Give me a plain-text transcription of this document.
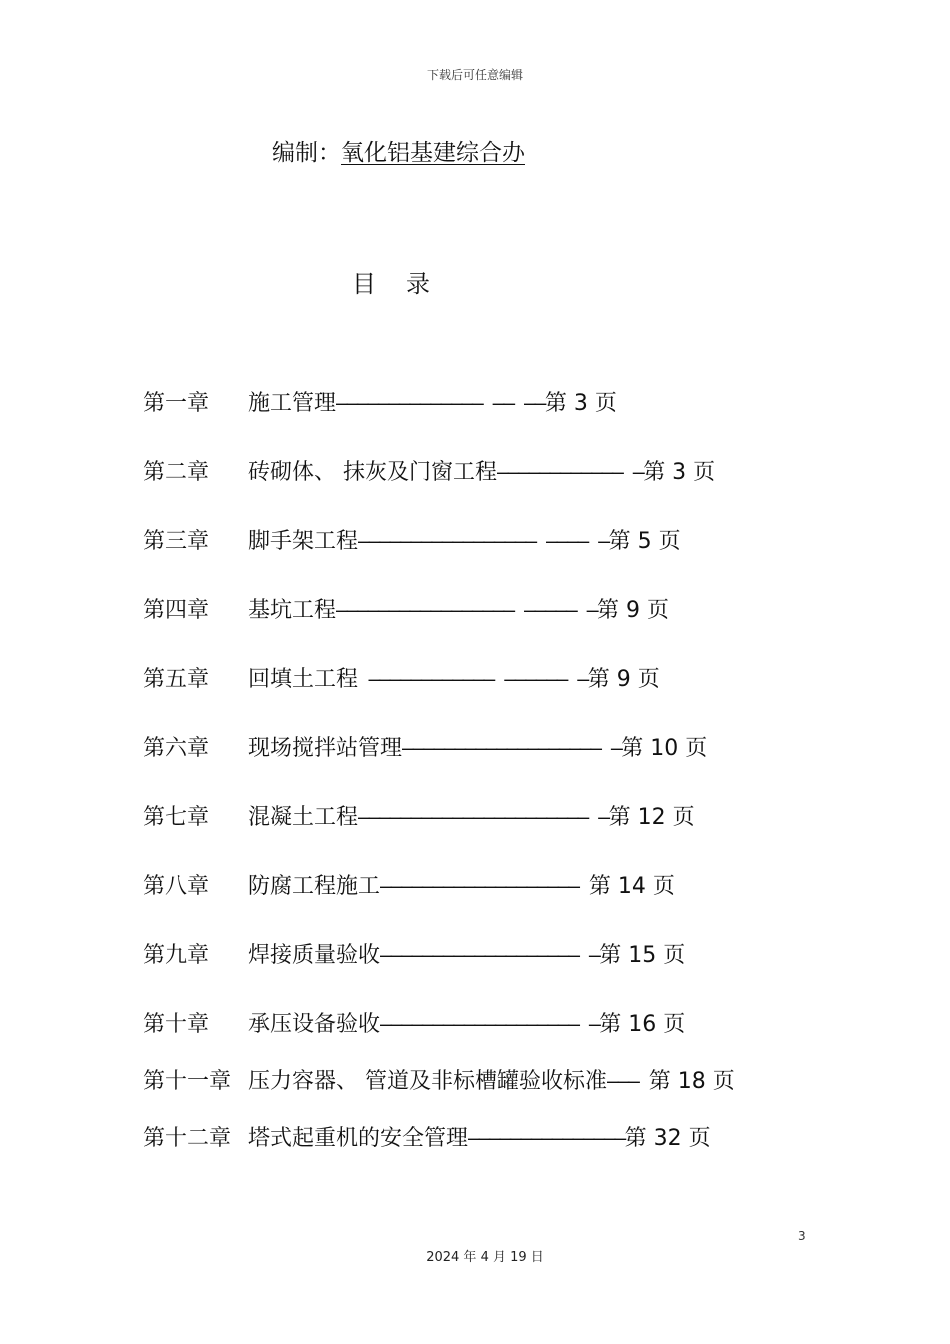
下载后可任意编辑
编制：氧化铝基建综合办
目录
第一章 施工管理—————————————— —— ——第 3 页
第二章 砖砌体、 抹灰及门窗工程———————————— –第 3 页
第三章 脚手架工程————————————————— ———— –第 5 页
第四章 基坑工程————————————————— ————— –第 9 页
第五章 回填土工程 ———————————— —————— –第 9 页
第六章 现场搅拌站管理——————————————————— –第 10 页
第七章 混凝土工程—————————————————————— –第 12 页
第八章 防腐工程施工——————————————————— 第 14 页
第九章 焊接质量验收——————————————————— –第 15 页
第十章 承压设备验收——————————————————— –第 16 页
第十一章 压力容器、 管道及非标槽罐验收标准——— 第 18 页
第十二章 塔式起重机的安全管理———————————————第 32 页
3
2024 年 4 月 19 日
